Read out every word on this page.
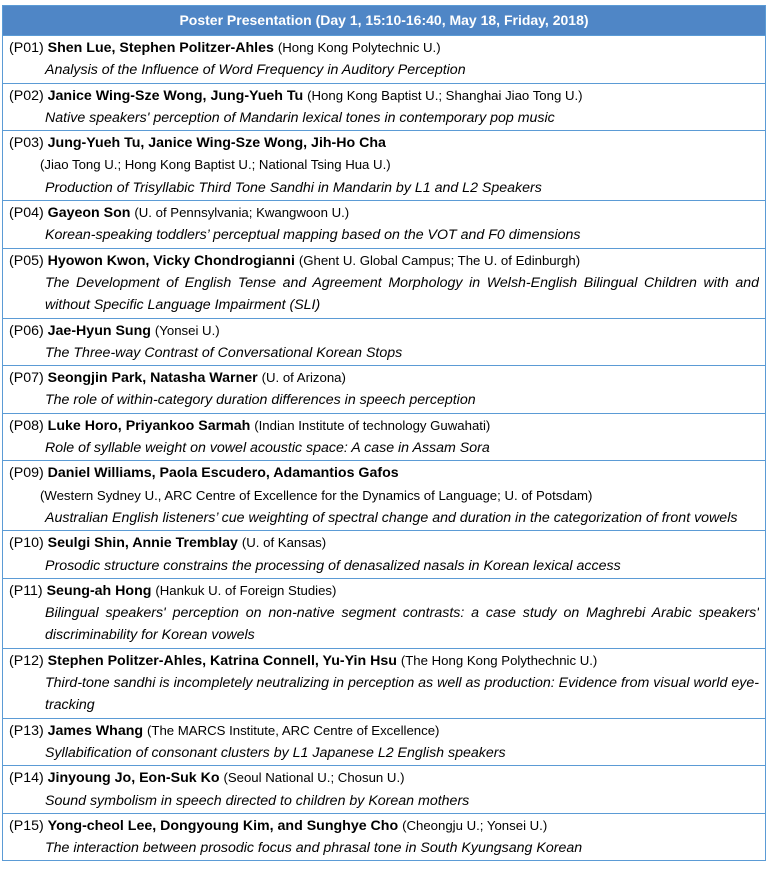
Poster Presentation (Day 1, 15:10-16:40, May 18, Friday, 2018)
(P01) Shen Lue, Stephen Politzer-Ahles (Hong Kong Polytechnic U.)
Analysis of the Influence of Word Frequency in Auditory Perception
(P02) Janice Wing-Sze Wong, Jung-Yueh Tu (Hong Kong Baptist U.; Shanghai Jiao Tong U.)
Native speakers' perception of Mandarin lexical tones in contemporary pop music
(P03) Jung-Yueh Tu, Janice Wing-Sze Wong, Jih-Ho Cha
(Jiao Tong U.; Hong Kong Baptist U.; National Tsing Hua U.)
Production of Trisyllabic Third Tone Sandhi in Mandarin by L1 and L2 Speakers
(P04) Gayeon Son (U. of Pennsylvania; Kwangwoon U.)
Korean-speaking toddlers’ perceptual mapping based on the VOT and F0 dimensions
(P05) Hyowon Kwon, Vicky Chondrogianni (Ghent U. Global Campus; The U. of Edinburgh)
The Development of English Tense and Agreement Morphology in Welsh-English Bilingual Children with and without Specific Language Impairment (SLI)
(P06) Jae-Hyun Sung (Yonsei U.)
The Three-way Contrast of Conversational Korean Stops
(P07) Seongjin Park, Natasha Warner (U. of Arizona)
The role of within-category duration differences in speech perception
(P08) Luke Horo, Priyankoo Sarmah (Indian Institute of technology Guwahati)
Role of syllable weight on vowel acoustic space: A case in Assam Sora
(P09) Daniel Williams, Paola Escudero, Adamantios Gafos
(Western Sydney U., ARC Centre of Excellence for the Dynamics of Language; U. of Potsdam)
Australian English listeners’ cue weighting of spectral change and duration in the categorization of front vowels
(P10) Seulgi Shin, Annie Tremblay (U. of Kansas)
Prosodic structure constrains the processing of denasalized nasals in Korean lexical access
(P11) Seung-ah Hong (Hankuk U. of Foreign Studies)
Bilingual speakers' perception on non-native segment contrasts: a case study on Maghrebi Arabic speakers' discriminability for Korean vowels
(P12) Stephen Politzer-Ahles, Katrina Connell, Yu-Yin Hsu (The Hong Kong Polythechnic U.)
Third-tone sandhi is incompletely neutralizing in perception as well as production: Evidence from visual world eye-tracking
(P13) James Whang (The MARCS Institute, ARC Centre of Excellence)
Syllabification of consonant clusters by L1 Japanese L2 English speakers
(P14) Jinyoung Jo, Eon-Suk Ko (Seoul National U.; Chosun U.)
Sound symbolism in speech directed to children by Korean mothers
(P15) Yong-cheol Lee, Dongyoung Kim, and Sunghye Cho (Cheongju U.; Yonsei U.)
The interaction between prosodic focus and phrasal tone in South Kyungsang Korean
